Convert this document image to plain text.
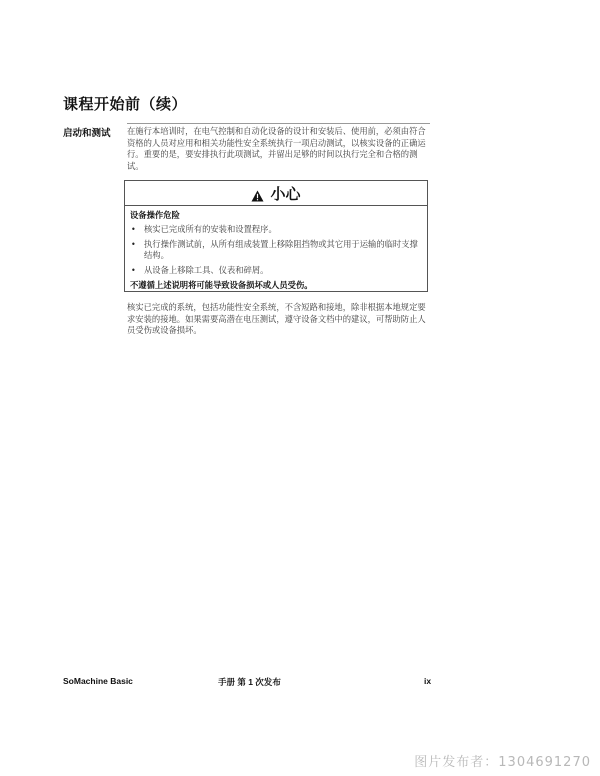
课程开始前（续）
启动和测试 在施行本培训时，在电气控制和自动化设备的设计和安装后、使用前，必须由符合资格的人员对应用和相关功能性安全系统执行一项启动测试，以核实设备的正确运行。重要的是，要安排执行此项测试，并留出足够的时间以执行完全和合格的测试。
小心
设备操作危险
• 核实已完成所有的安装和设置程序。
• 执行操作测试前，从所有组成装置上移除阻挡物或其它用于运输的临时支撑结构。
• 从设备上移除工具、仪表和碎屑。
不遵循上述说明将可能导致设备损坏或人员受伤。
核实已完成的系统，包括功能性安全系统，不含短路和接地，除非根据本地规定要求安装的接地。如果需要高潜在电压测试，遵守设备文档中的建议，可帮助防止人员受伤或设备损坏。
SoMachine Basic	手册 第 1 次发布	ix
图片发布者：1304691270
